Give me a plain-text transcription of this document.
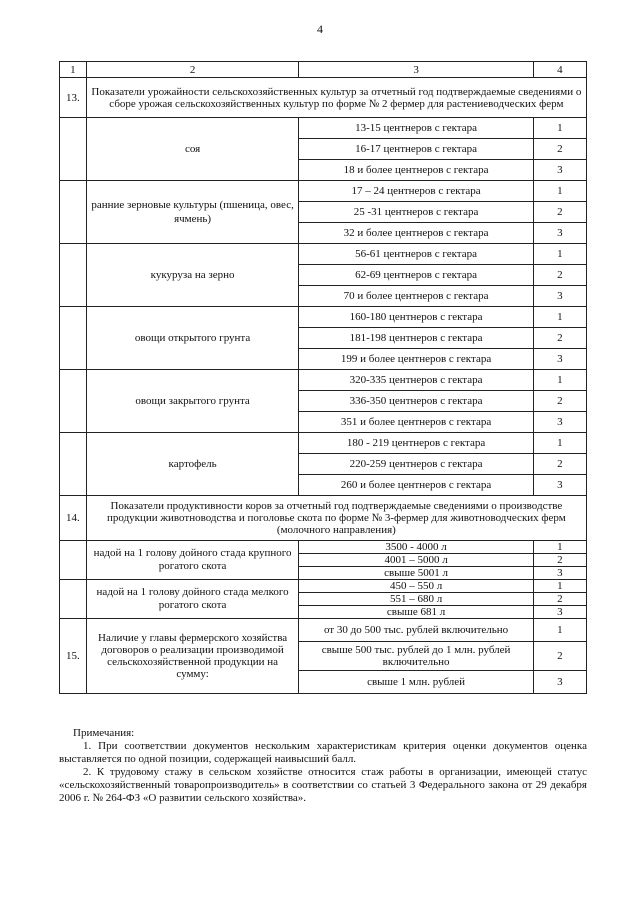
4
1	2	3	4
13.	Показатели урожайности сельскохозяйственных культур за отчетный год подтверждаемые сведениями о сборе урожая сельскохозяйственных культур по форме № 2 фермер для растениеводческих ферм		
	соя	13-15 центнеров с гектара	1
		16-17 центнеров с гектара	2
		18 и более центнеров с гектара	3
	ранние зерновые культуры (пшеница, овес, ячмень)	17 – 24 центнеров с гектара	1
		25 -31 центнеров с гектара	2
		32 и более центнеров с гектара	3
	кукуруза на зерно	56-61 центнеров с гектара	1
		62-69 центнеров с гектара	2
		70 и более центнеров с гектара	3
	овощи открытого грунта	160-180 центнеров с гектара	1
		181-198 центнеров с гектара	2
		199 и более центнеров с гектара	3
	овощи закрытого грунта	320-335 центнеров с гектара	1
		336-350 центнеров с гектара	2
		351 и более центнеров с гектара	3
	картофель	180 - 219 центнеров с гектара	1
		220-259 центнеров с гектара	2
		260 и более центнеров с гектара	3
14.	Показатели продуктивности коров за отчетный год подтверждаемые сведениями о производстве продукции животноводства и поголовье скота по форме № 3-фермер для животноводческих ферм (молочного направления)		
	надой на 1 голову дойного стада крупного рогатого скота	3500 - 4000 л	1
		4001 – 5000 л	2
		свыше 5001 л	3
	надой на 1 голову дойного стада мелкого рогатого скота	450 – 550 л	1
		551 – 680 л	2
		свыше 681 л	3
15.	Наличие у главы фермерского хозяйства договоров о реализации производимой сельскохозяйственной продукции на сумму:	от 30 до 500 тыс. рублей включительно	1
		свыше 500 тыс. рублей до 1 млн. рублей включительно	2
		свыше 1 млн. рублей	3

Примечания:

1. При соответствии документов нескольким характеристикам критерия оценки документов оценка выставляется по одной позиции, содержащей наивысший балл.

2. К трудовому стажу в сельском хозяйстве относится стаж работы в организации, имеющей статус «сельскохозяйственный товаропроизводитель» в соответствии со статьей 3 Федерального закона от 29 декабря 2006 г. № 264-ФЗ «О развитии сельского хозяйства».
